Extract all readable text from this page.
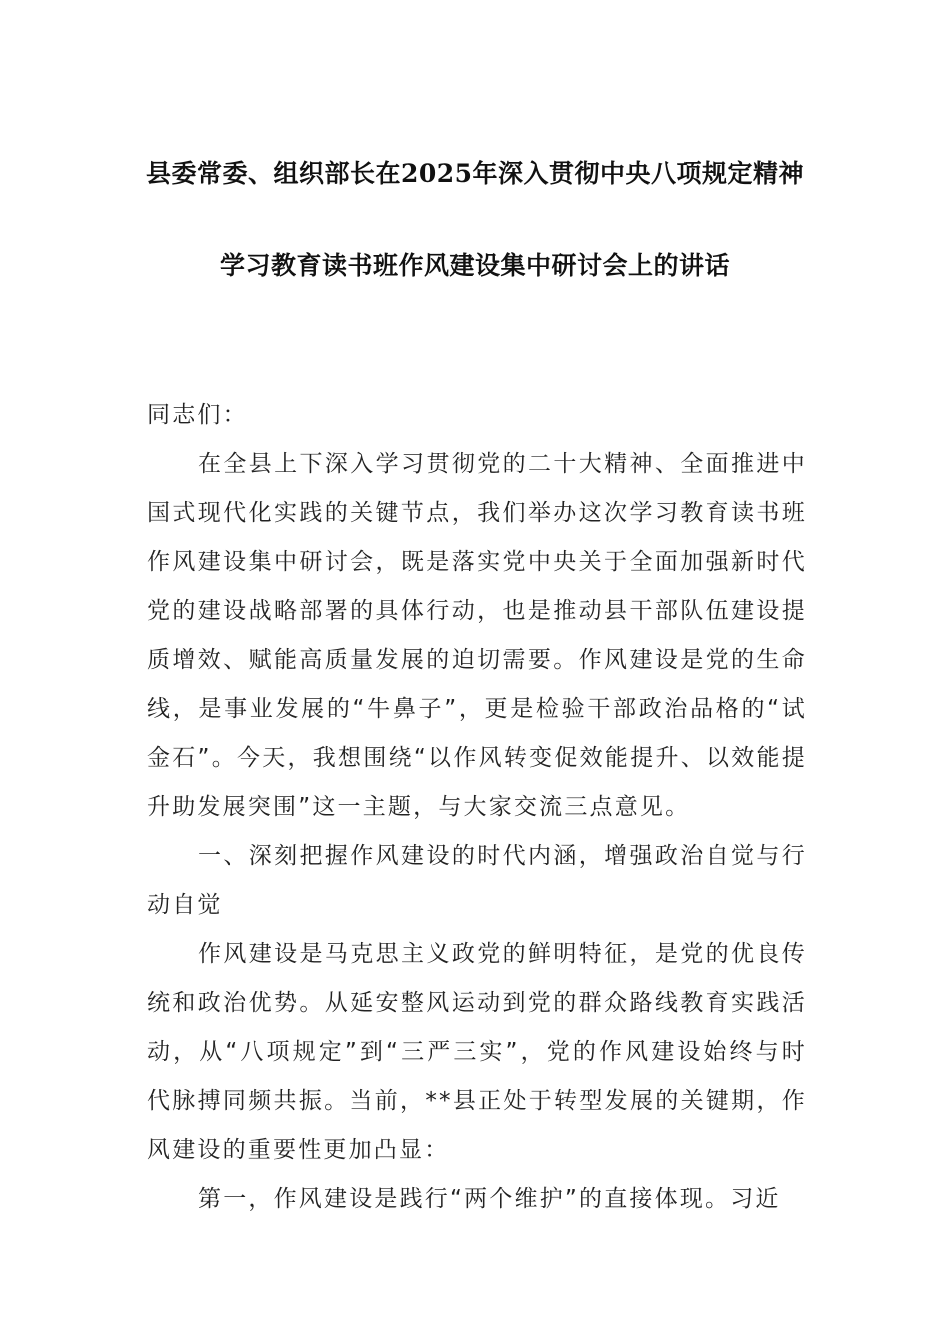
县委常委、组织部长在2025年深入贯彻中央八项规定精神
学习教育读书班作风建设集中研讨会上的讲话

同志们：

在全县上下深入学习贯彻党的二十大精神、全面推进中国式现代化实践的关键节点，我们举办这次学习教育读书班作风建设集中研讨会，既是落实党中央关于全面加强新时代党的建设战略部署的具体行动，也是推动县干部队伍建设提质增效、赋能高质量发展的迫切需要。作风建设是党的生命线，是事业发展的“牛鼻子”，更是检验干部政治品格的“试金石”。今天，我想围绕“以作风转变促效能提升、以效能提升助发展突围”这一主题，与大家交流三点意见。

一、深刻把握作风建设的时代内涵，增强政治自觉与行动自觉

作风建设是马克思主义政党的鲜明特征，是党的优良传统和政治优势。从延安整风运动到党的群众路线教育实践活动，从“八项规定”到“三严三实”，党的作风建设始终与时代脉搏同频共振。当前，**县正处于转型发展的关键期，作风建设的重要性更加凸显：

第一，作风建设是践行“两个维护”的直接体现。习近
